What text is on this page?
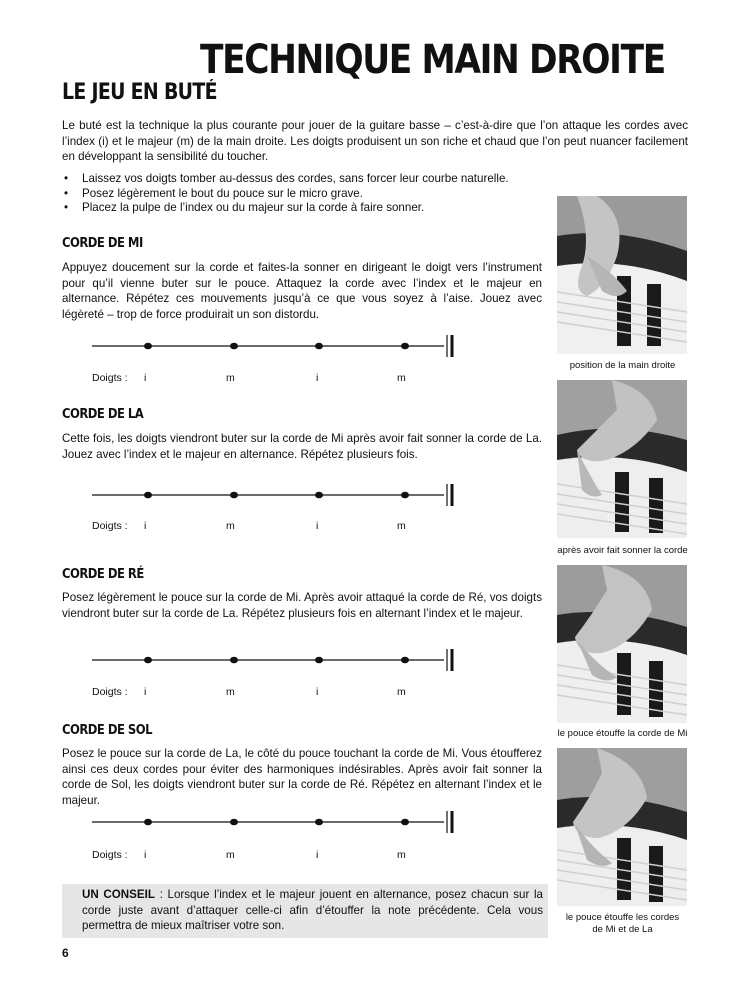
TECHNIQUE MAIN DROITE
LE JEU EN BUTÉ

Le buté est la technique la plus courante pour jouer de la guitare basse – c’est-à-dire que l’on attaque les cordes avec l’index (i) et le majeur (m) de la main droite. Les doigts produisent un son riche et chaud que l’on peut nuancer facilement en développant la sensibilité du toucher.

• Laissez vos doigts tomber au-dessus des cordes, sans forcer leur courbe naturelle.
• Posez légèrement le bout du pouce sur le micro grave.
• Placez la pulpe de l’index ou du majeur sur la corde à faire sonner.
CORDE DE MI

Appuyez doucement sur la corde et faites-la sonner en dirigeant le doigt vers l’instrument pour qu’il vienne buter sur le pouce. Attaquez la corde avec l’index et le majeur en alternance. Répétez ces mouvements jusqu’à ce que vous soyez à l’aise. Jouez avec légèreté – trop de force produirait un son distordu.

Doigts : i	m	i	m
CORDE DE LA

Cette fois, les doigts viendront buter sur la corde de Mi après avoir fait sonner la corde de La. Jouez avec l’index et le majeur en alternance. Répétez plusieurs fois.

Doigts : i	m	i	m
CORDE DE RÉ

Posez légèrement le pouce sur la corde de Mi. Après avoir attaqué la corde de Ré, vos doigts viendront buter sur la corde de La. Répétez plusieurs fois en alternant l’index et le majeur.

Doigts : i	m	i	m
CORDE DE SOL

Posez le pouce sur la corde de La, le côté du pouce touchant la corde de Mi. Vous étoufferez ainsi ces deux cordes pour éviter des harmoniques indésirables. Après avoir fait sonner la corde de Sol, les doigts viendront buter sur la corde de Ré. Répétez en alternant l’index et le majeur.

Doigts : i	m	i	m
position de la main droite
après avoir fait sonner la corde
le pouce étouffe la corde de Mi
le pouce étouffe les cordes
de Mi et de La

UN CONSEIL : Lorsque l’index et le majeur jouent en alternance, posez chacun sur la corde juste avant d’attaquer celle-ci afin d’étouffer la note précédente. Cela vous permettra de mieux maîtriser votre son.

6
